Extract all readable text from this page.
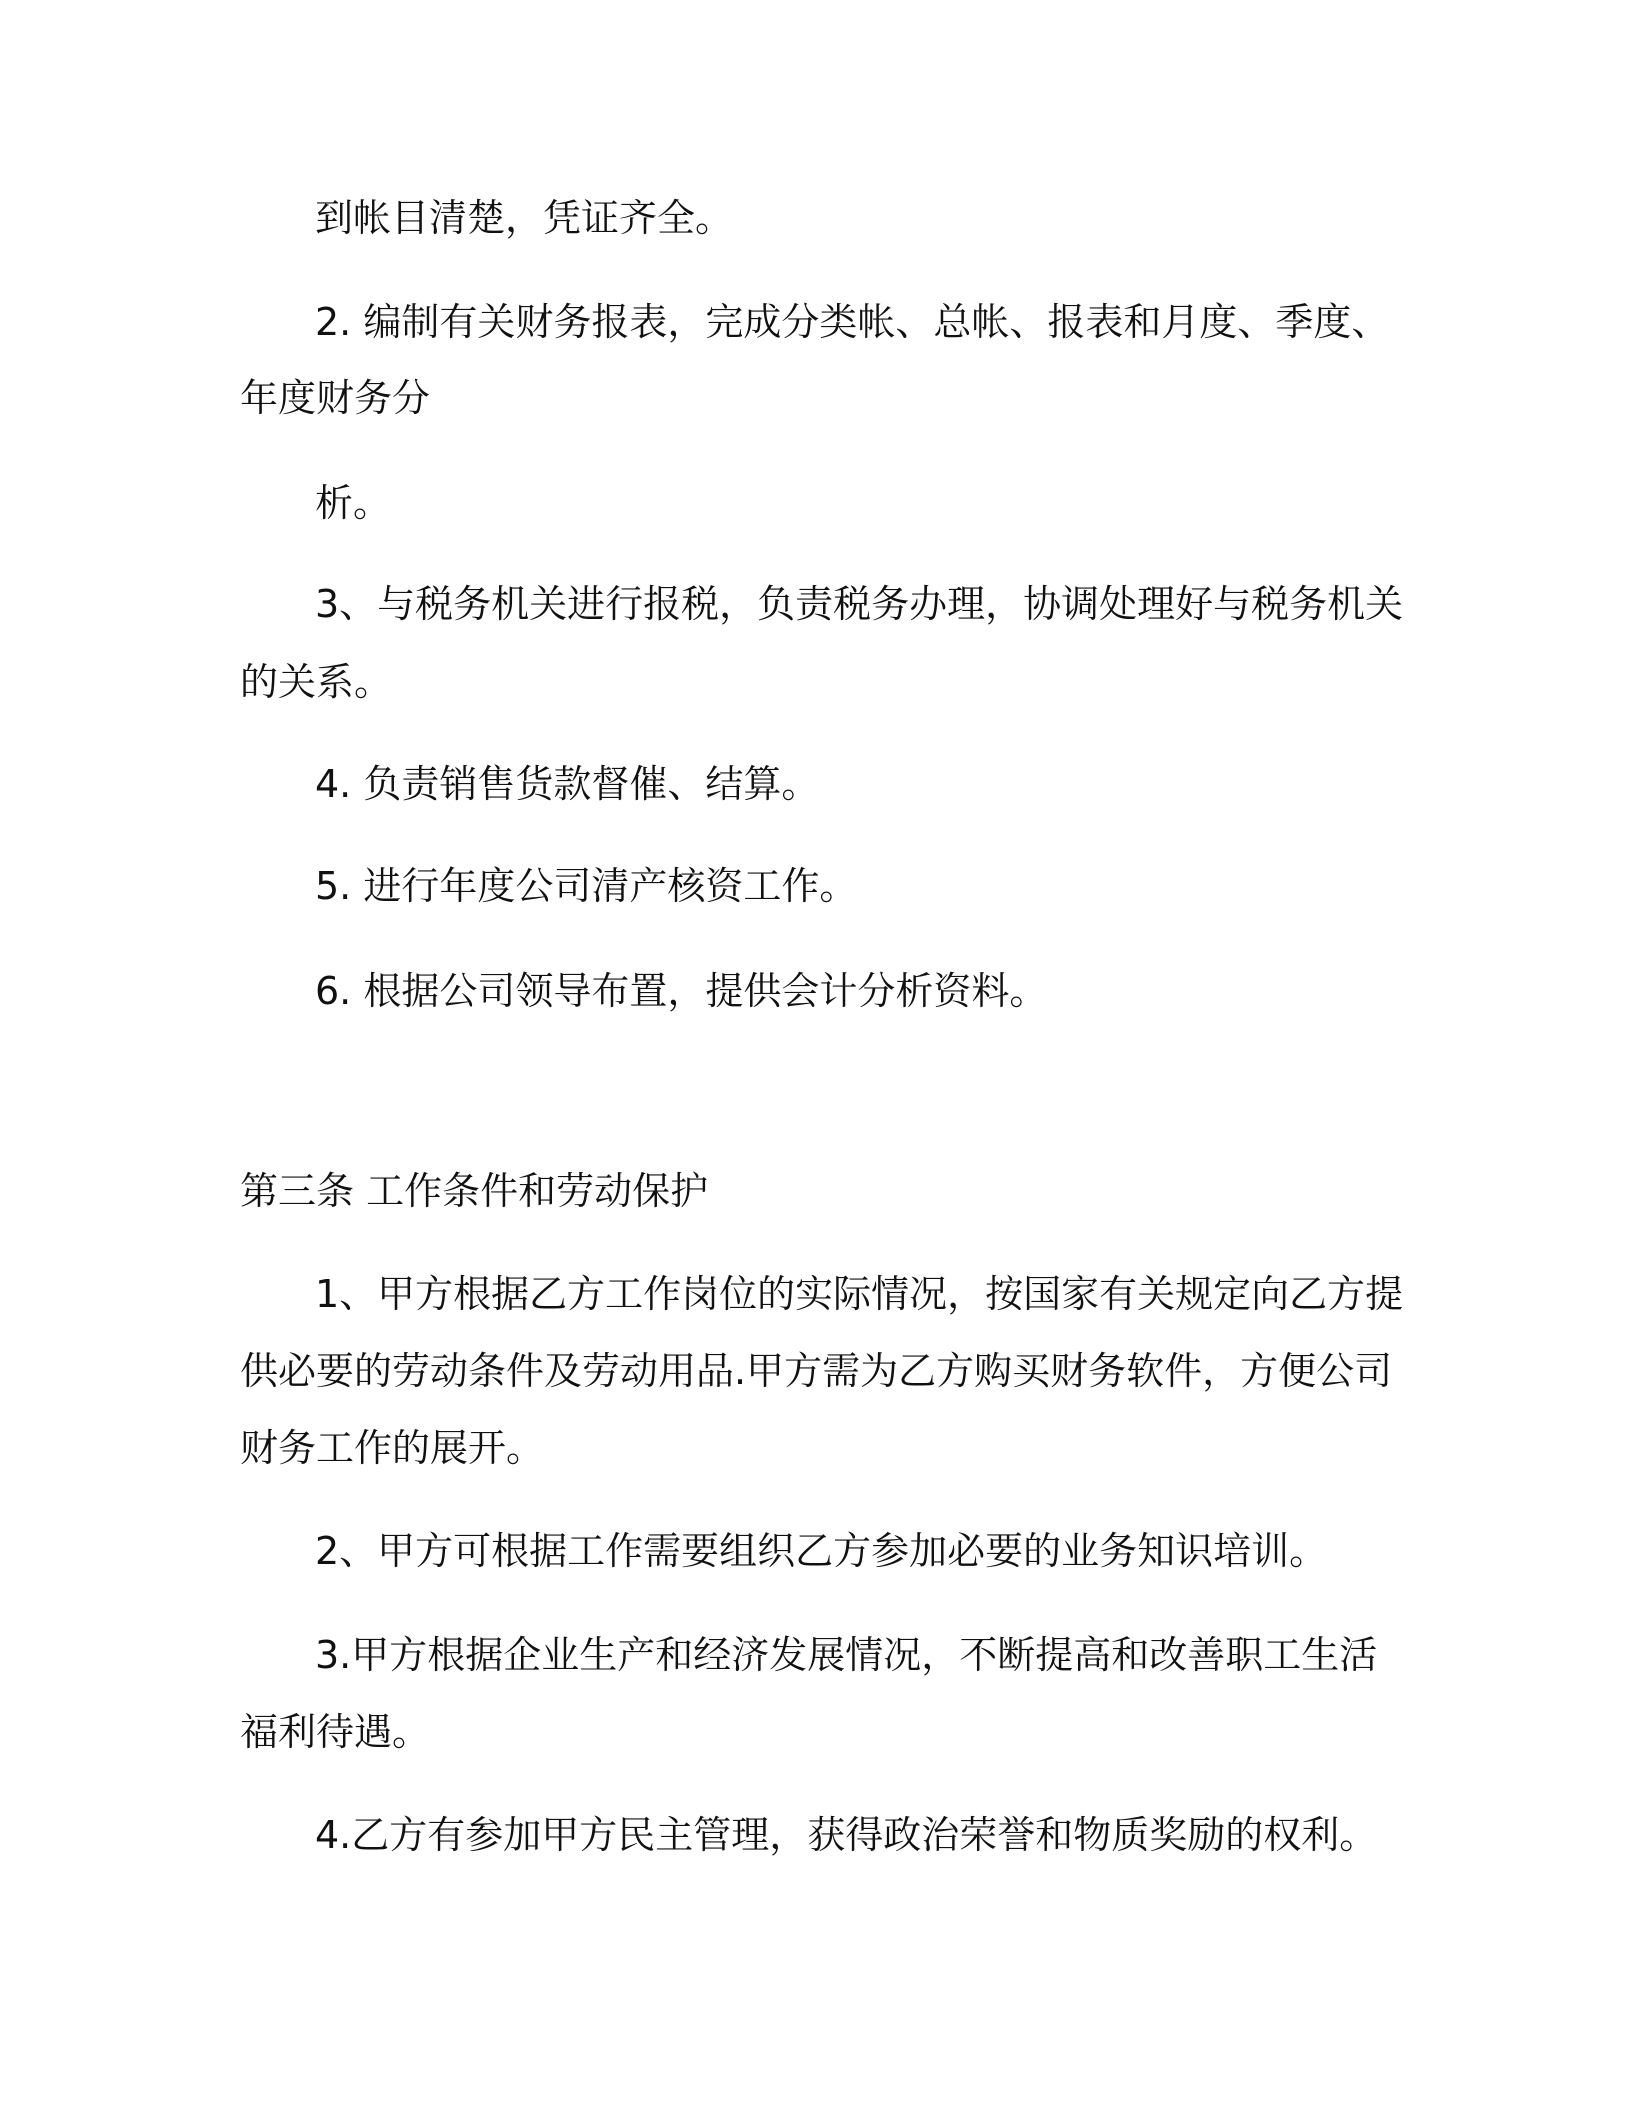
到帐目清楚，凭证齐全。
2. 编制有关财务报表，完成分类帐、总帐、报表和月度、季度、
年度财务分
析。
3、与税务机关进行报税，负责税务办理，协调处理好与税务机关
的关系。
4. 负责销售货款督催、结算。
5. 进行年度公司清产核资工作。
6. 根据公司领导布置，提供会计分析资料。
第三条 工作条件和劳动保护
1、甲方根据乙方工作岗位的实际情况，按国家有关规定向乙方提
供必要的劳动条件及劳动用品.甲方需为乙方购买财务软件，方便公司
财务工作的展开。
2、甲方可根据工作需要组织乙方参加必要的业务知识培训。
3.甲方根据企业生产和经济发展情况，不断提高和改善职工生活
福利待遇。
4.乙方有参加甲方民主管理，获得政治荣誉和物质奖励的权利。
